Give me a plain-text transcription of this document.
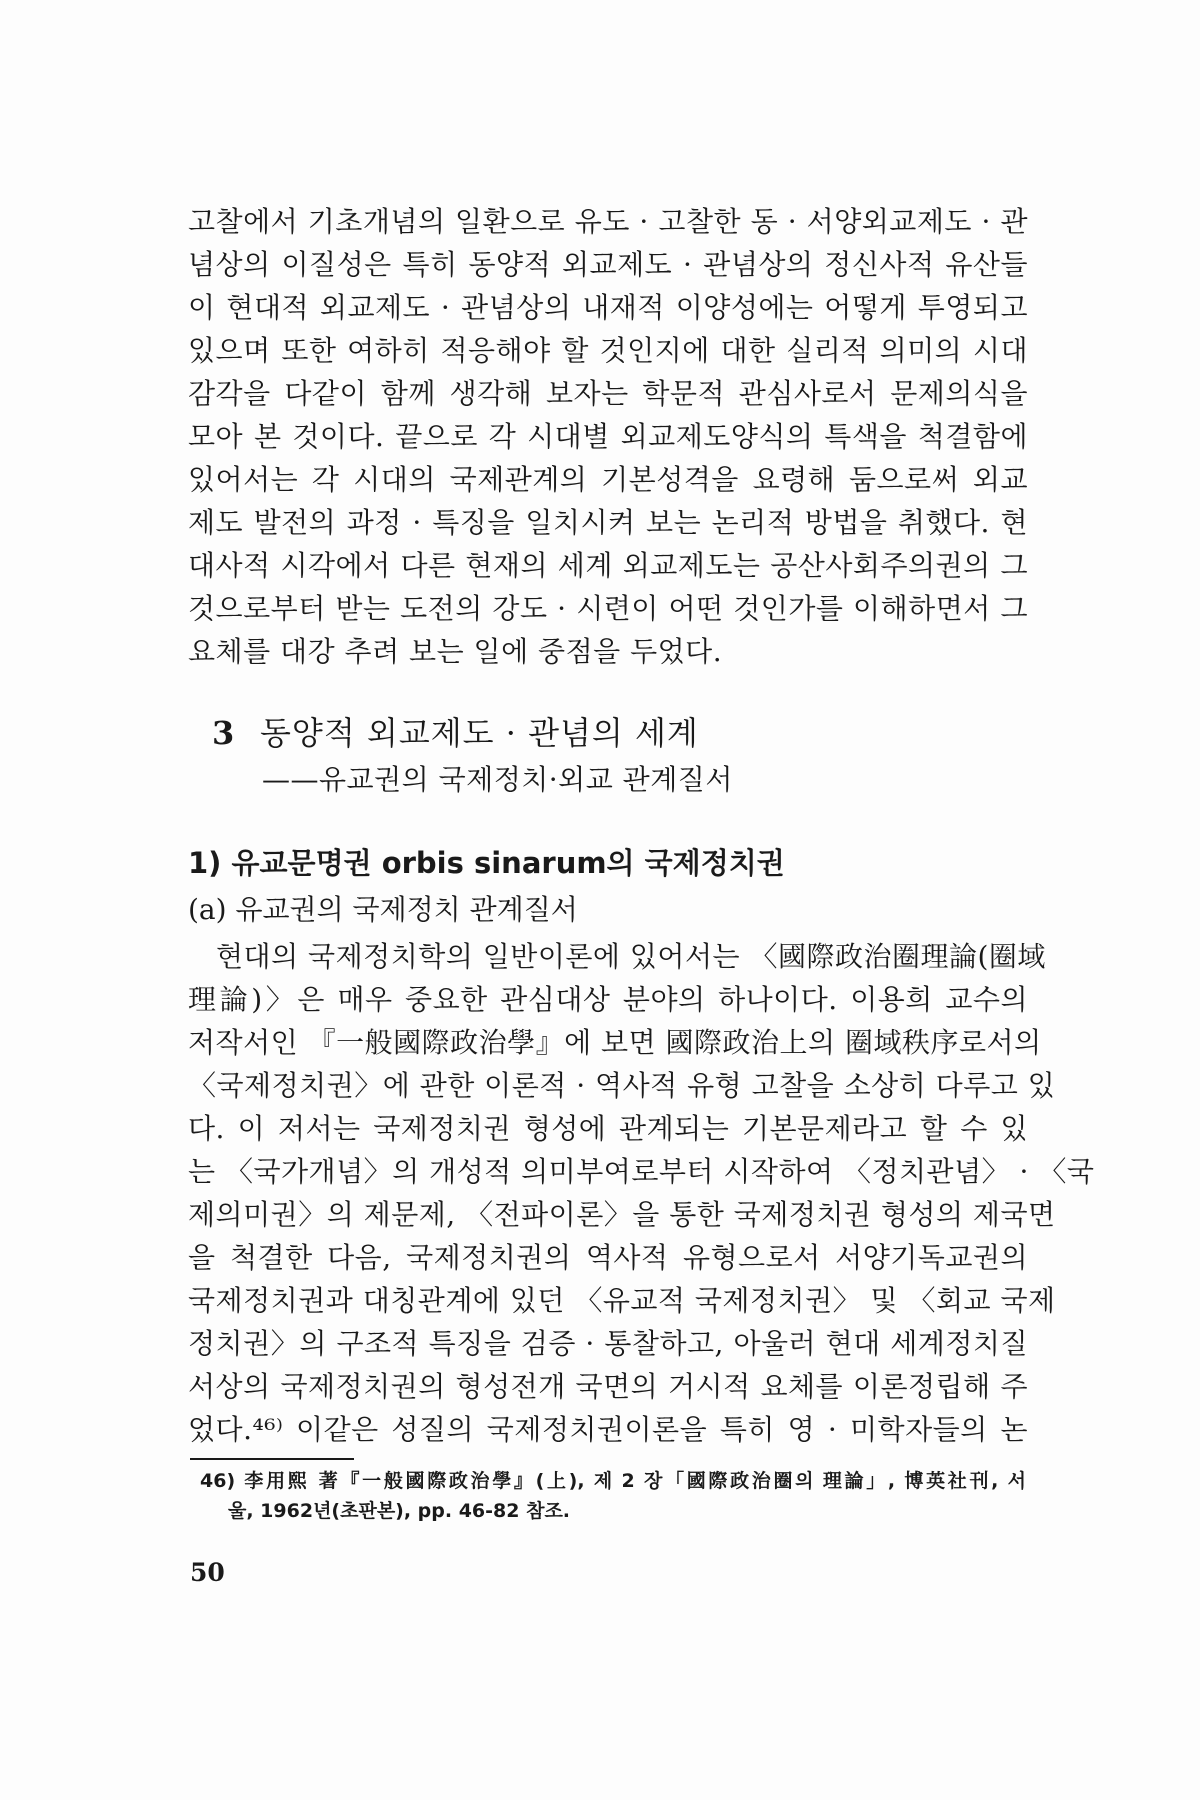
고찰에서 기초개념의 일환으로 유도 · 고찰한 동 · 서양외교제도 · 관
념상의 이질성은 특히 동양적 외교제도 · 관념상의 정신사적 유산들
이 현대적 외교제도 · 관념상의 내재적 이양성에는 어떻게 투영되고
있으며 또한 여하히 적응해야 할 것인지에 대한 실리적 의미의 시대
감각을 다같이 함께 생각해 보자는 학문적 관심사로서 문제의식을
모아 본 것이다. 끝으로 각 시대별 외교제도양식의 특색을 척결함에
있어서는 각 시대의 국제관계의 기본성격을 요령해 둠으로써 외교
제도 발전의 과정 · 특징을 일치시켜 보는 논리적 방법을 취했다. 현
대사적 시각에서 다른 현재의 세계 외교제도는 공산사회주의권의 그
것으로부터 받는 도전의 강도 · 시련이 어떤 것인가를 이해하면서 그
요체를 대강 추려 보는 일에 중점을 두었다.
3 동양적 외교제도 · 관념의 세계
——유교권의 국제정치·외교 관계질서
1) 유교문명권 orbis sinarum의 국제정치권
(a) 유교권의 국제정치 관계질서
현대의 국제정치학의 일반이론에 있어서는 〈國際政治圈理論(圈域
理論)〉은 매우 중요한 관심대상 분야의 하나이다. 이용희 교수의
저작서인 『一般國際政治學』에 보면 國際政治上의 圈域秩序로서의
〈국제정치권〉에 관한 이론적 · 역사적 유형 고찰을 소상히 다루고 있
다. 이 저서는 국제정치권 형성에 관계되는 기본문제라고 할 수 있
는 〈국가개념〉의 개성적 의미부여로부터 시작하여 〈정치관념〉 · 〈국
제의미권〉의 제문제, 〈전파이론〉을 통한 국제정치권 형성의 제국면
을 척결한 다음, 국제정치권의 역사적 유형으로서 서양기독교권의
국제정치권과 대칭관계에 있던 〈유교적 국제정치권〉 및 〈회교 국제
정치권〉의 구조적 특징을 검증 · 통찰하고, 아울러 현대 세계정치질
서상의 국제정치권의 형성전개 국면의 거시적 요체를 이론정립해 주
었다.⁴⁶⁾ 이같은 성질의 국제정치권이론을 특히 영 · 미학자들의 논
46) 李用熙 著『一般國際政治學』(上), 제 2 장「國際政治圈의 理論」, 博英社刊, 서
울, 1962년(초판본), pp. 46-82 참조.
50
